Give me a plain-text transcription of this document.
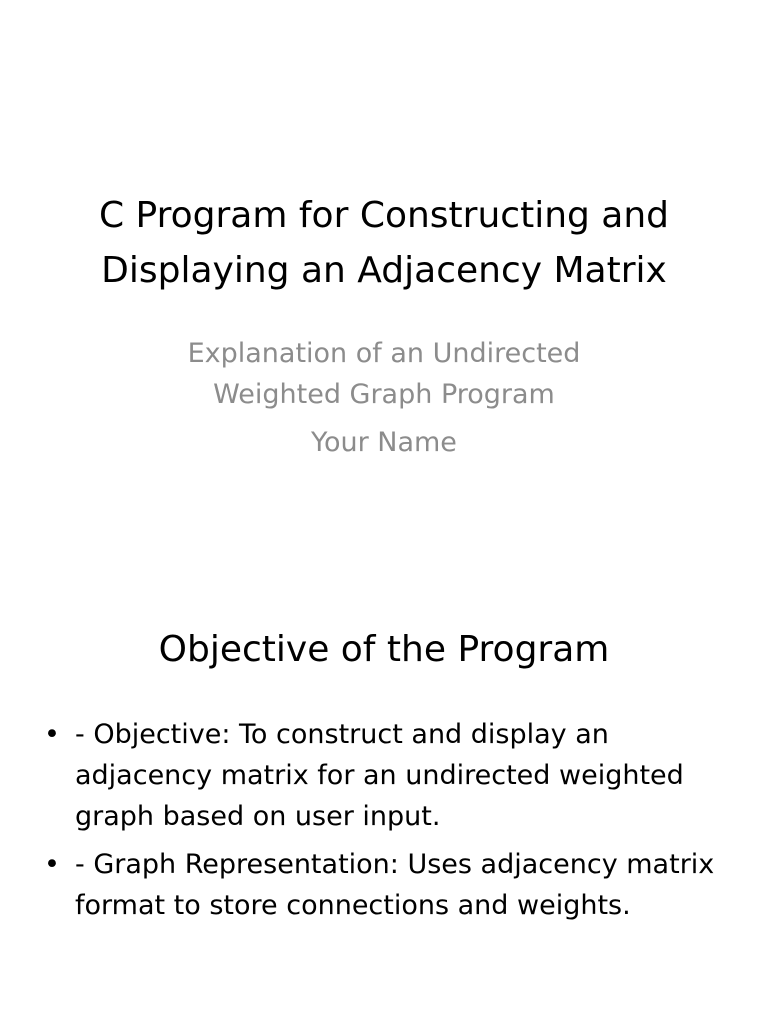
C Program for Constructing and
Displaying an Adjacency Matrix

Explanation of an Undirected

Weighted Graph Program

Your Name

Objective of the Program
• - Objective: To construct and display an adjacency matrix for an undirected weighted graph based on user input.
• - Graph Representation: Uses adjacency matrix format to store connections and weights.
